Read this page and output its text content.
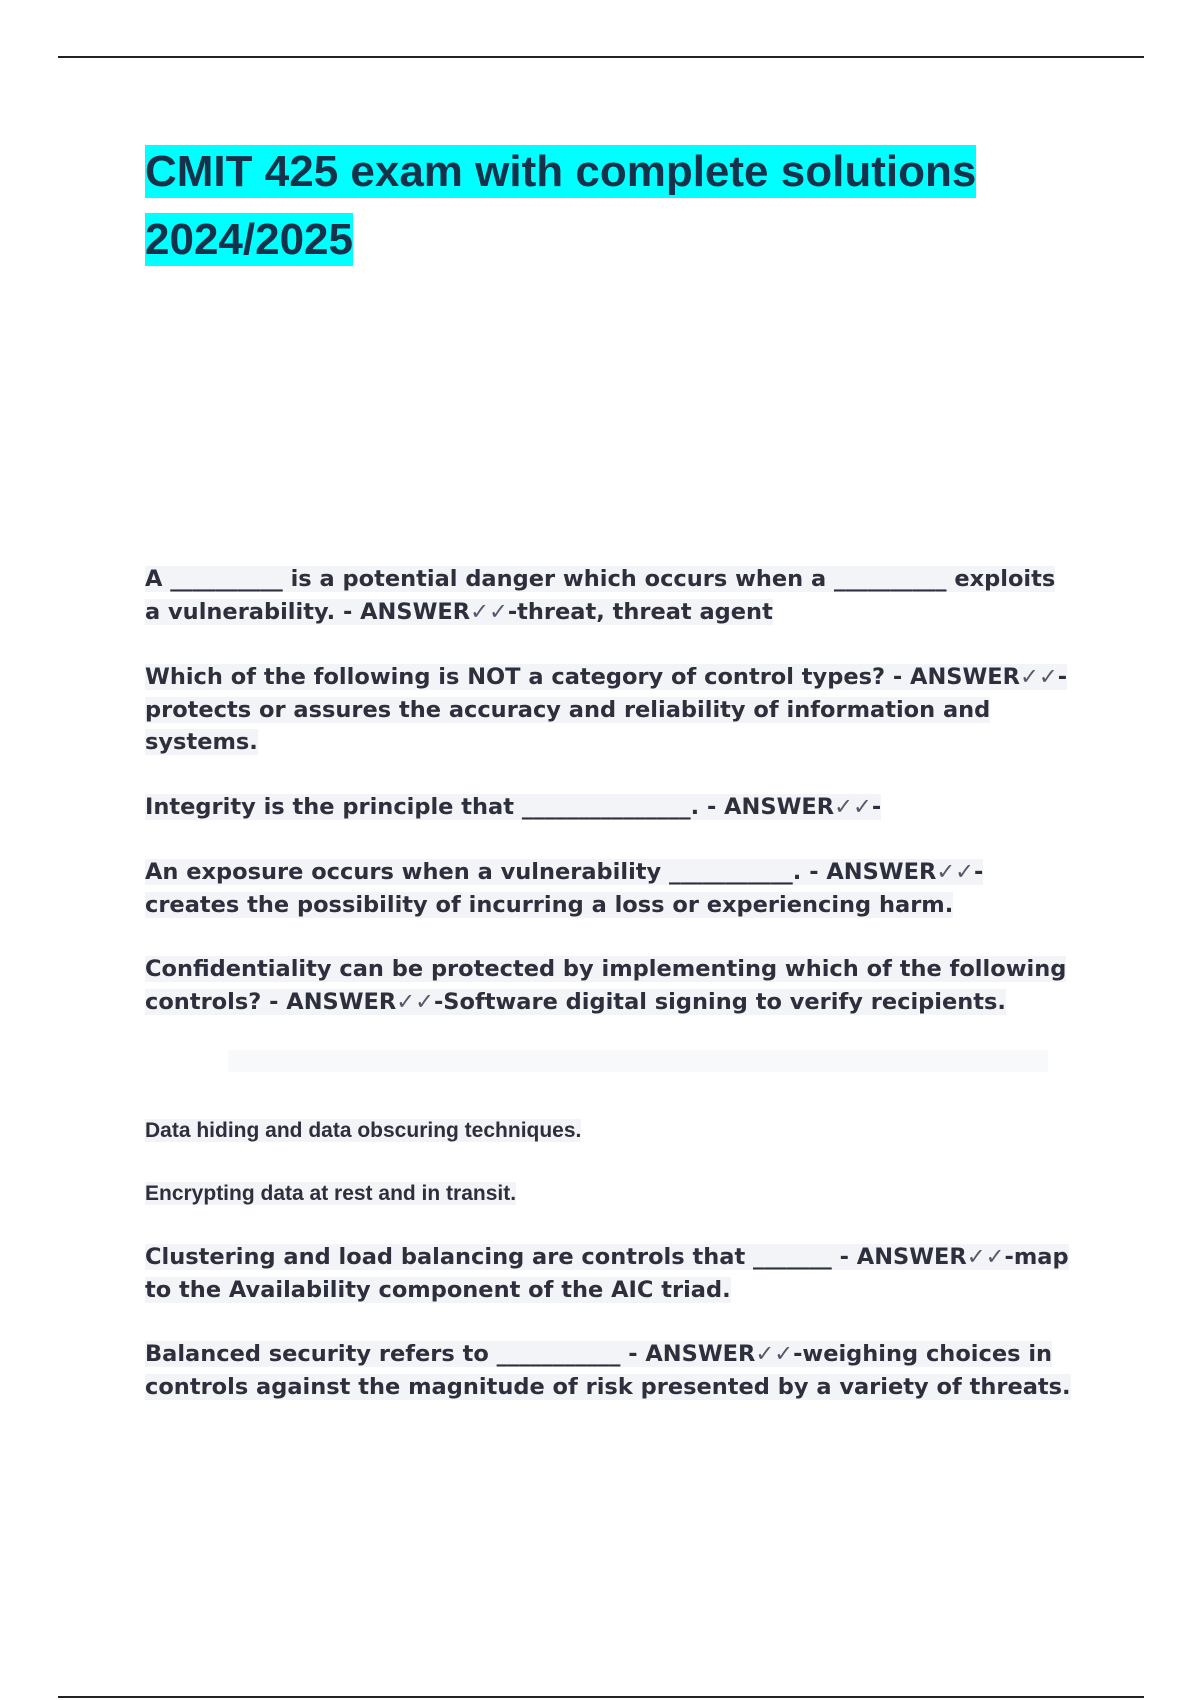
CMIT 425 exam with complete solutions 2024/2025

A __________ is a potential danger which occurs when a __________ exploits a vulnerability. - ANSWER✓✓-threat, threat agent

Which of the following is NOT a category of control types? - ANSWER✓✓-protects or assures the accuracy and reliability of information and systems.

Integrity is the principle that _______________. - ANSWER✓✓-

An exposure occurs when a vulnerability ___________. - ANSWER✓✓-creates the possibility of incurring a loss or experiencing harm.

Confidentiality can be protected by implementing which of the following controls? - ANSWER✓✓-Software digital signing to verify recipients.

Data hiding and data obscuring techniques.

Encrypting data at rest and in transit.

Clustering and load balancing are controls that _______ - ANSWER✓✓-map to the Availability component of the AIC triad.

Balanced security refers to ___________ - ANSWER✓✓-weighing choices in controls against the magnitude of risk presented by a variety of threats.
